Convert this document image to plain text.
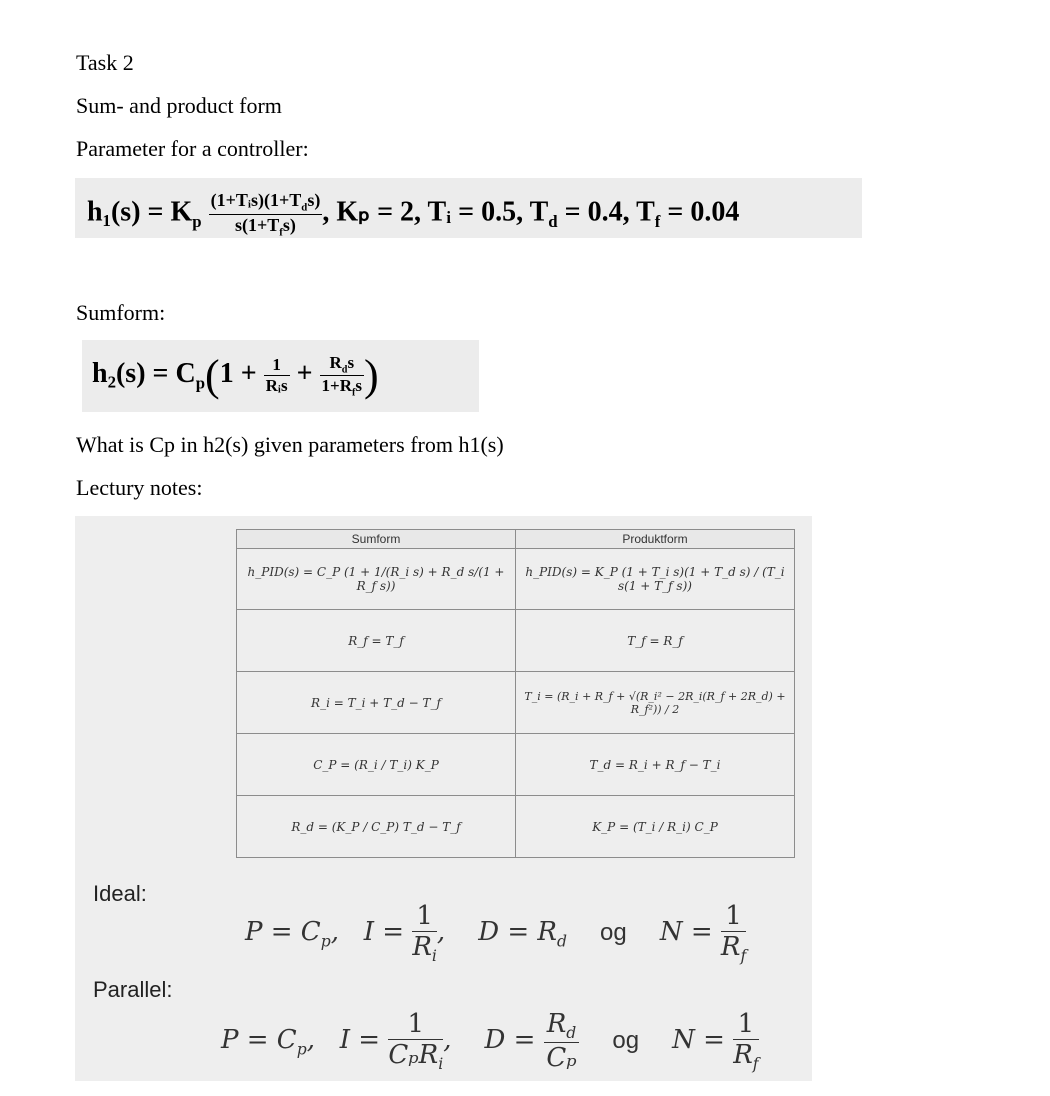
Task 2
Sum- and product form
Parameter for a controller:
$h_1(s) = K_p \frac{(1+Tᵢs)(1+T_ds)}{s(1+T_fs)}$ , Kₚ = 2, Tᵢ = 0.5, $T_d = 0.4$, $T_f = 0.04$
Sumform:
$h_2(s) = C_p(1 + \frac{1}{\text{Rᵢs}} + \frac{R_ds}{1+R_fs}$ )
What is Cp in h2(s) given parameters from h1(s)
Lectury notes:
Sumform	Produktform
h_PID(s) = C_P (1 + 1/(R_i s) + R_d s/(1 + R_f s))	h_PID(s) = K_P (1 + T_i s)(1 + T_d s) / (T_i s(1 + T_f s))
R_f = T_f	T_f = R_f
R_i = T_i + T_d − T_f	T_i = (R_i + R_f + √(R_i² − 2R_i(R_f + 2R_d) + R_f²)) / 2
C_P = (R_i / T_i) K_P	T_d = R_i + R_f − T_i
R_d = (K_P / C_P) T_d − T_f	K_P = (T_i / R_i) C_P
Ideal:
$P = C_p$,   $I = \frac{1}{R_i}$ ,    $D = R_d$ og $N = \frac{1}{R_f}$
Parallel:
$P = C_p$,   $I = \frac{1}{C_pR_i}$ ,    $D = \frac{R_d}{\text{Cₚ}}$ og $N = \frac{1}{R_f}$
